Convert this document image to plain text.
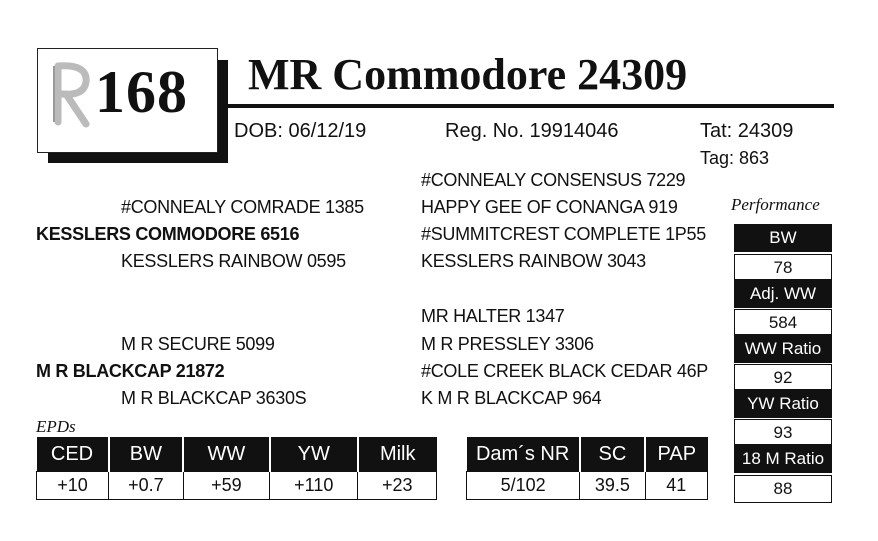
168 MR Commodore 24309
DOB: 06/12/19	Reg. No. 19914046	Tat: 24309
Tag: 863
#CONNEALY CONSENSUS 7229
#CONNEALY COMRADE 1385	HAPPY GEE OF CONANGA 919
KESSLERS COMMODORE 6516	#SUMMITCREST COMPLETE 1P55
KESSLERS RAINBOW 0595	KESSLERS RAINBOW 3043
MR HALTER 1347
M R SECURE 5099	M R PRESSLEY 3306
M R BLACKCAP 21872	#COLE CREEK BLACK CEDAR 46P
M R BLACKCAP 3630S	K M R BLACKCAP 964
Performance
BW
78
Adj. WW
584
WW Ratio
92
YW Ratio
93
18 M Ratio
88
EPDs
CED	BW	WW	YW	Milk
+10	+0.7	+59	+110	+23
Dam´s NR	SC	PAP
5/102	39.5	41
